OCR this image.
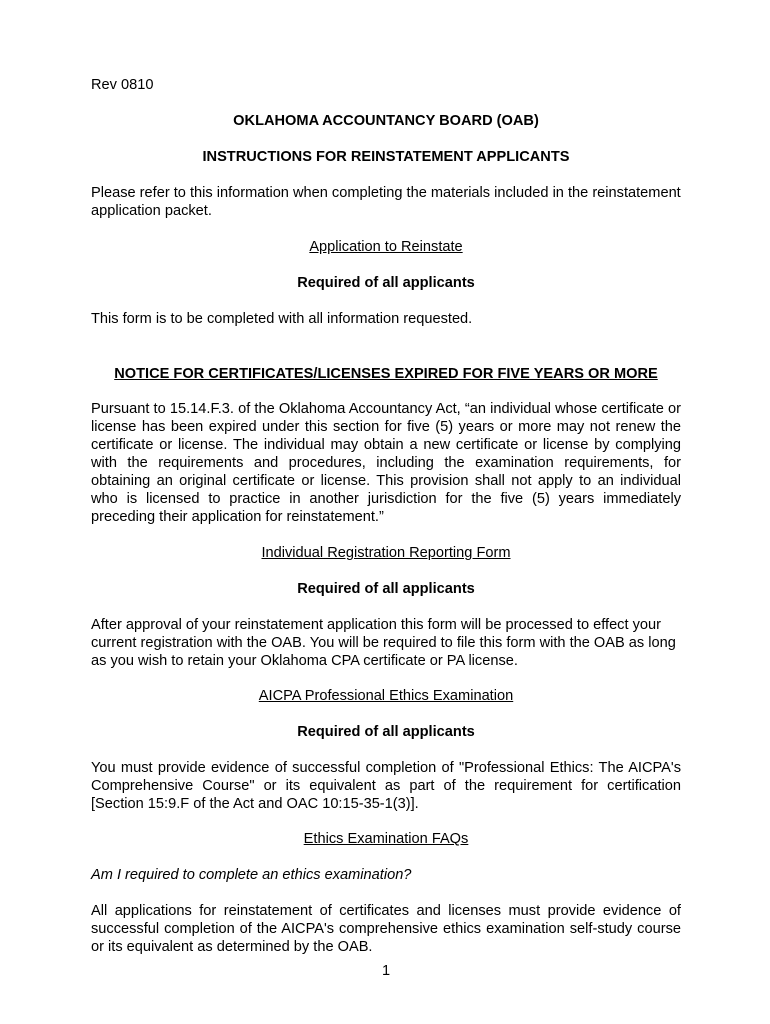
Rev 0810

OKLAHOMA ACCOUNTANCY BOARD (OAB)

INSTRUCTIONS FOR REINSTATEMENT APPLICANTS

Please refer to this information when completing the materials included in the reinstatement application packet.

Application to Reinstate

Required of all applicants

This form is to be completed with all information requested.

NOTICE FOR CERTIFICATES/LICENSES EXPIRED FOR FIVE YEARS OR MORE

Pursuant to 15.14.F.3. of the Oklahoma Accountancy Act, “an individual whose certificate or license has been expired under this section for five (5) years or more may not renew the certificate or license. The individual may obtain a new certificate or license by complying with the requirements and procedures, including the examination requirements, for obtaining an original certificate or license. This provision shall not apply to an individual who is licensed to practice in another jurisdiction for the five (5) years immediately preceding their application for reinstatement.”

Individual Registration Reporting Form

Required of all applicants

After approval of your reinstatement application this form will be processed to effect your current registration with the OAB. You will be required to file this form with the OAB as long as you wish to retain your Oklahoma CPA certificate or PA license.

AICPA Professional Ethics Examination

Required of all applicants

You must provide evidence of successful completion of "Professional Ethics: The AICPA's Comprehensive Course" or its equivalent as part of the requirement for certification [Section 15:9.F of the Act and OAC 10:15-35-1(3)].

Ethics Examination FAQs

Am I required to complete an ethics examination?

All applications for reinstatement of certificates and licenses must provide evidence of successful completion of the AICPA's comprehensive ethics examination self-study course or its equivalent as determined by the OAB.

1
